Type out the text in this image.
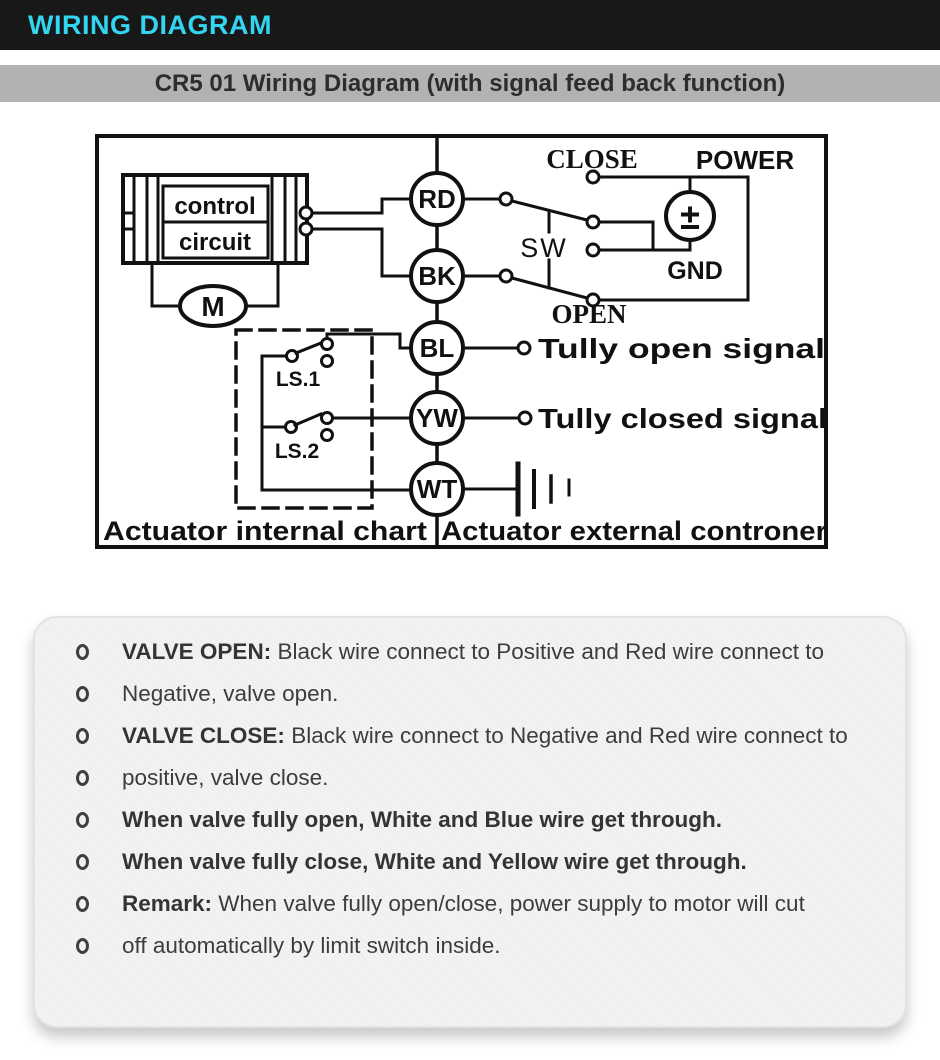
WIRING DIAGRAM
CR5 01 Wiring Diagram (with signal feed back function)
control
circuit
M
RD
BK
BL
YW
WT
CLOSE
OPEN
POWER
GND
SW
±
LS.1
LS.2
Tully open signal
Tully closed signal
Actuator internal chart Actuator external controner
VALVE OPEN: Black wire connect to Positive and Red wire connect to
Negative, valve open.
VALVE CLOSE: Black wire connect to Negative and Red wire connect to
positive, valve close.
When valve fully open, White and Blue wire get through.
When valve fully close, White and Yellow wire get through.
Remark: When valve fully open/close, power supply to motor will cut
off automatically by limit switch inside.
